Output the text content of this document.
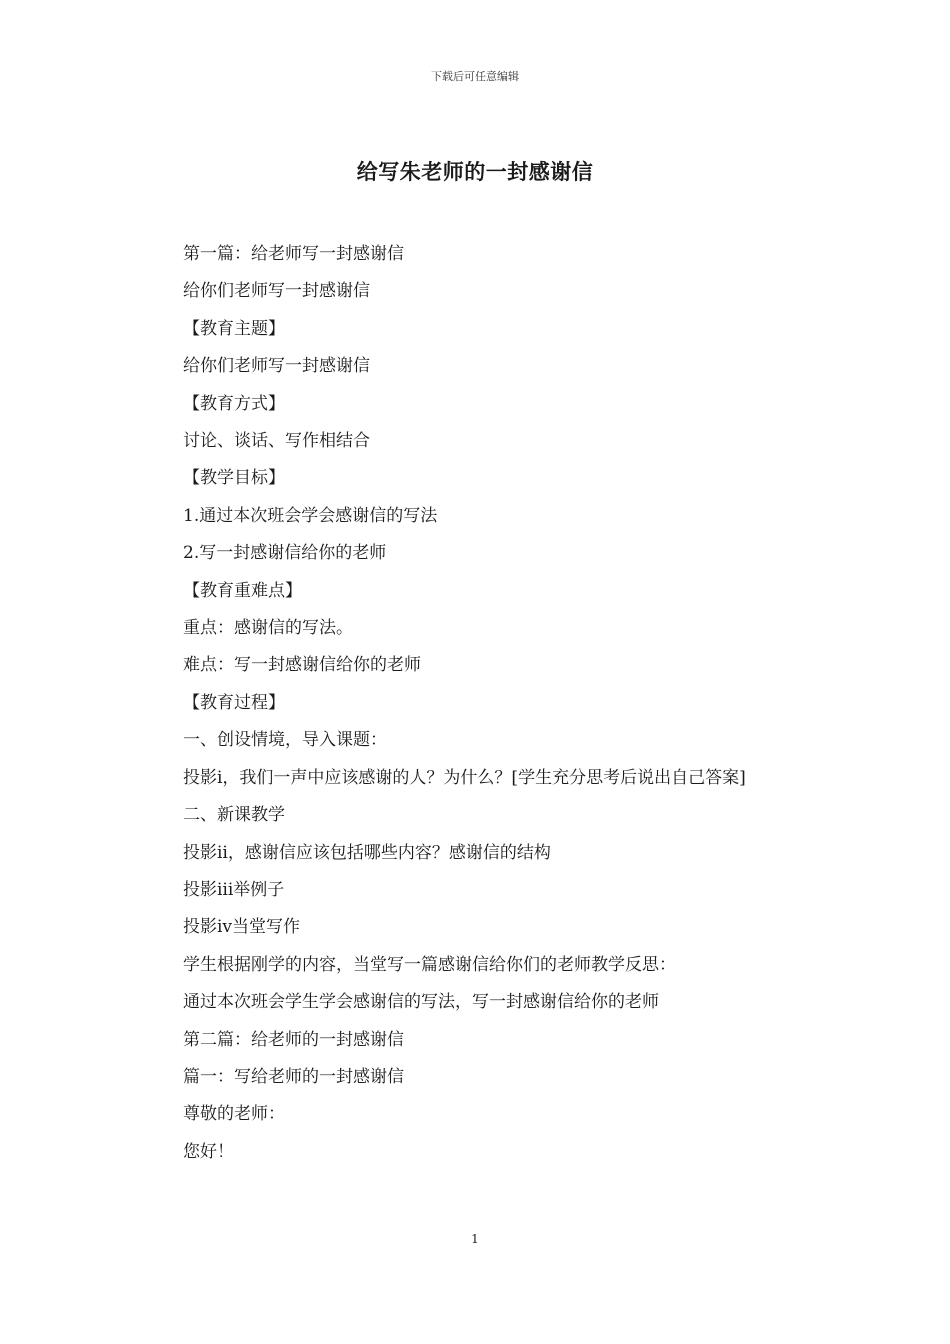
下载后可任意编辑
给写朱老师的一封感谢信

第一篇：给老师写一封感谢信

给你们老师写一封感谢信

【教育主题】

给你们老师写一封感谢信

【教育方式】

讨论、谈话、写作相结合

【教学目标】

1.通过本次班会学会感谢信的写法

2.写一封感谢信给你的老师

【教育重难点】

重点：感谢信的写法。

难点：写一封感谢信给你的老师

【教育过程】

一、创设情境，导入课题：

投影ⅰ，我们一声中应该感谢的人？为什么？[学生充分思考后说出自己答案]

二、新课教学

投影ⅱ，感谢信应该包括哪些内容？感谢信的结构

投影ⅲ举例子

投影ⅳ当堂写作

学生根据刚学的内容，当堂写一篇感谢信给你们的老师教学反思：

通过本次班会学生学会感谢信的写法，写一封感谢信给你的老师

第二篇：给老师的一封感谢信

篇一：写给老师的一封感谢信

尊敬的老师：

您好！

1
